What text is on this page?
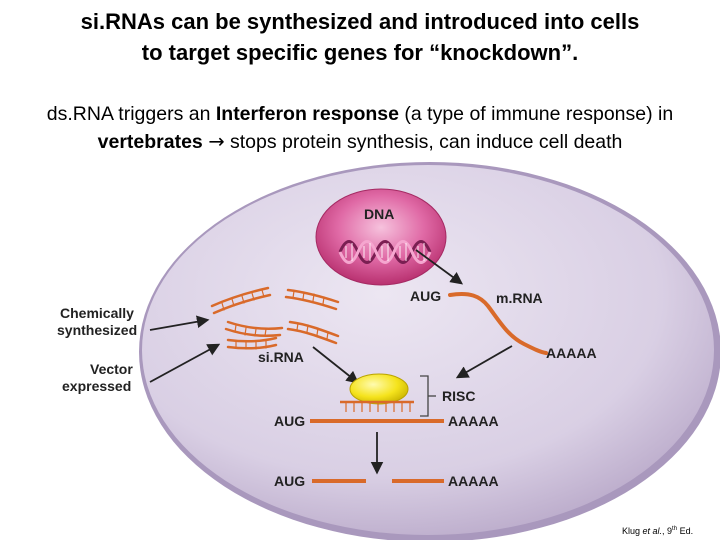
si.RNAs can be synthesized and introduced into cells
to target specific genes for “knockdown”.
ds.RNA triggers an Interferon response (a type of immune response) in
vertebrates → stops protein synthesis, can induce cell death
DNA
AUG	m.RNA
AAAAA
si.RNA
Chemically
synthesized
Vector
expressed
RISC
AUG	AAAAA
AUG	AAAAA
Klug et al., 9th Ed.
